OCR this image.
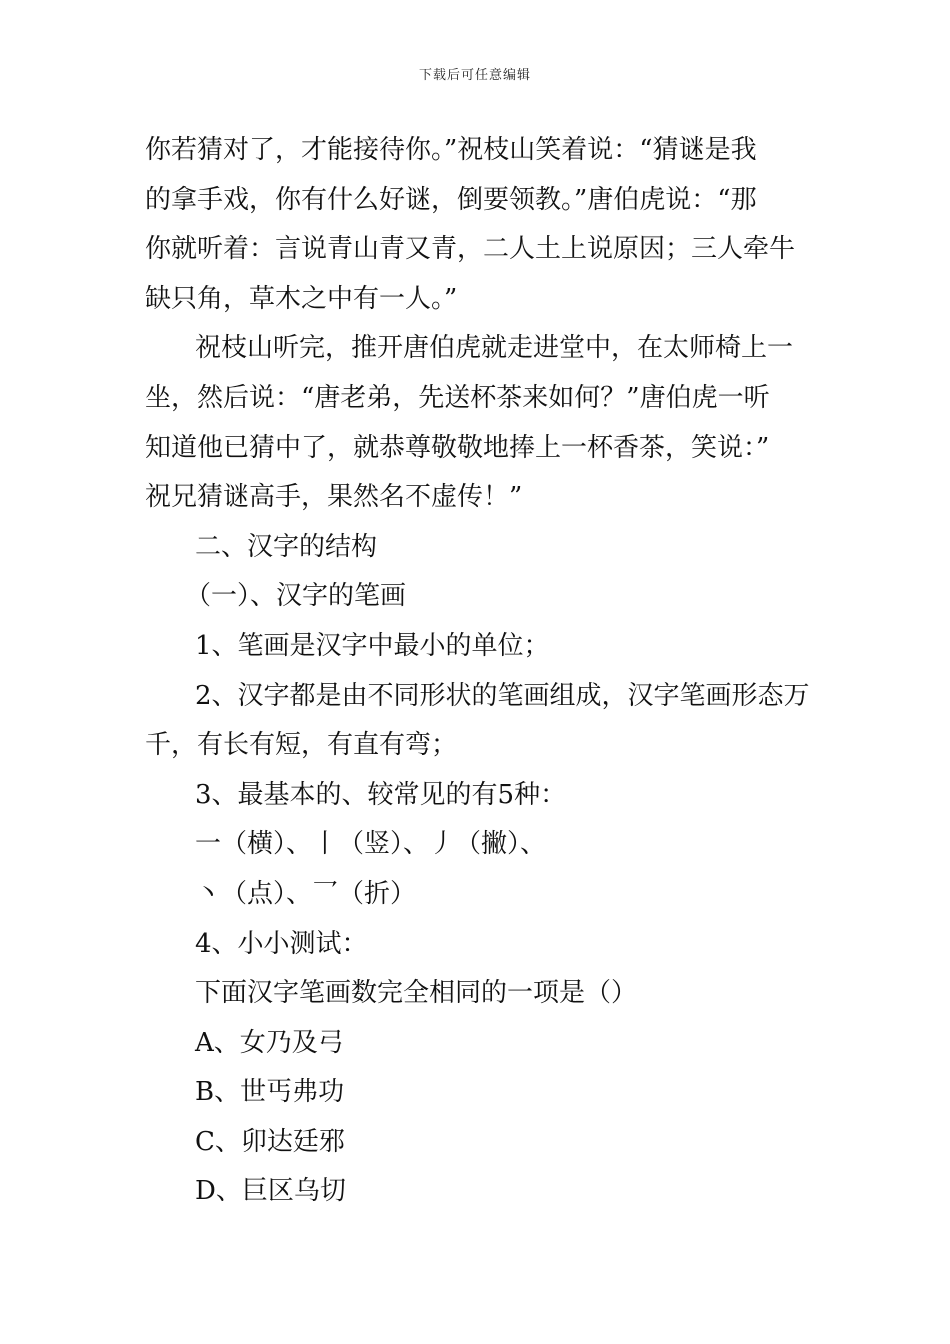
下载后可任意编辑
你若猜对了，才能接待你。”祝枝山笑着说：“猜谜是我
的拿手戏，你有什么好谜，倒要领教。”唐伯虎说：“那
你就听着：言说青山青又青，二人土上说原因；三人牵牛
缺只角，草木之中有一人。”
祝枝山听完，推开唐伯虎就走进堂中，在太师椅上一
坐，然后说：“唐老弟，先送杯茶来如何？”唐伯虎一听
知道他已猜中了，就恭尊敬敬地捧上一杯香茶，笑说：”
祝兄猜谜高手，果然名不虚传！”
二、汉字的结构
（一）、汉字的笔画
1、笔画是汉字中最小的单位；
2、汉字都是由不同形状的笔画组成，汉字笔画形态万
千，有长有短，有直有弯；
3、最基本的、较常见的有5种：
一（横）、丨（竖）、丿（撇）、
丶（点）、乛（折）
4、小小测试：
下面汉字笔画数完全相同的一项是（）
A、女乃及弓
B、世丐弗功
C、卯达廷邪
D、巨区乌切
